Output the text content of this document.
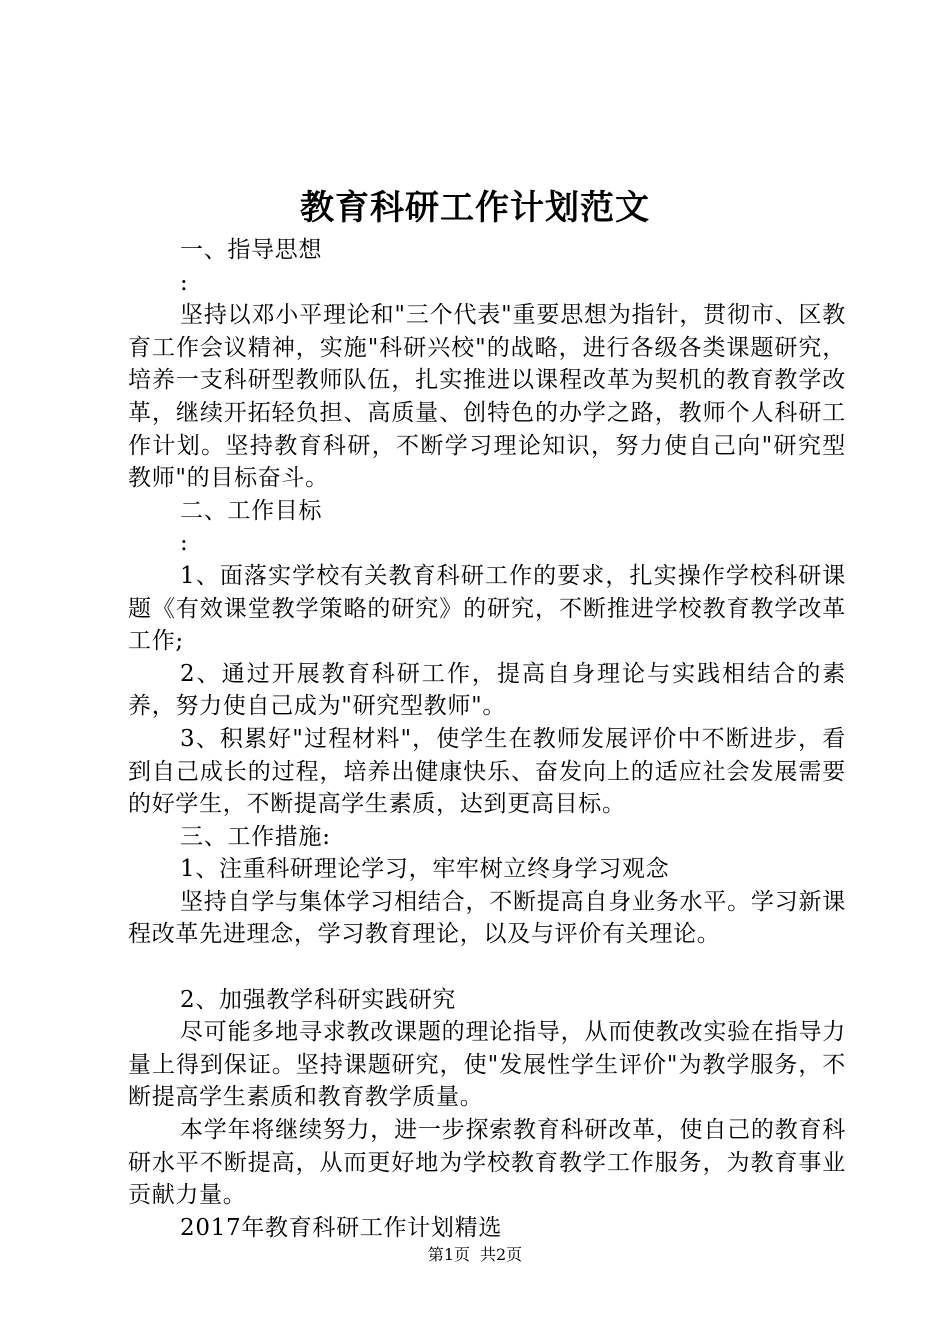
教育科研工作计划范文

一、指导思想

:

坚持以邓小平理论和"三个代表"重要思想为指针，贯彻市、区教育工作会议精神，实施"科研兴校"的战略，进行各级各类课题研究，培养一支科研型教师队伍，扎实推进以课程改革为契机的教育教学改革，继续开拓轻负担、高质量、创特色的办学之路，教师个人科研工作计划。坚持教育科研，不断学习理论知识，努力使自己向"研究型教师"的目标奋斗。

二、工作目标

:

1、面落实学校有关教育科研工作的要求，扎实操作学校科研课题《有效课堂教学策略的研究》的研究，不断推进学校教育教学改革工作;

2、通过开展教育科研工作，提高自身理论与实践相结合的素养，努力使自己成为"研究型教师"。

3、积累好"过程材料"，使学生在教师发展评价中不断进步，看到自己成长的过程，培养出健康快乐、奋发向上的适应社会发展需要的好学生，不断提高学生素质，达到更高目标。

三、工作措施:

1、注重科研理论学习，牢牢树立终身学习观念

坚持自学与集体学习相结合，不断提高自身业务水平。学习新课程改革先进理念，学习教育理论，以及与评价有关理论。

2、加强教学科研实践研究

尽可能多地寻求教改课题的理论指导，从而使教改实验在指导力量上得到保证。坚持课题研究，使"发展性学生评价"为教学服务，不断提高学生素质和教育教学质量。

本学年将继续努力，进一步探索教育科研改革，使自己的教育科研水平不断提高，从而更好地为学校教育教学工作服务，为教育事业贡献力量。

2017年教育科研工作计划精选

第1页 共2页
